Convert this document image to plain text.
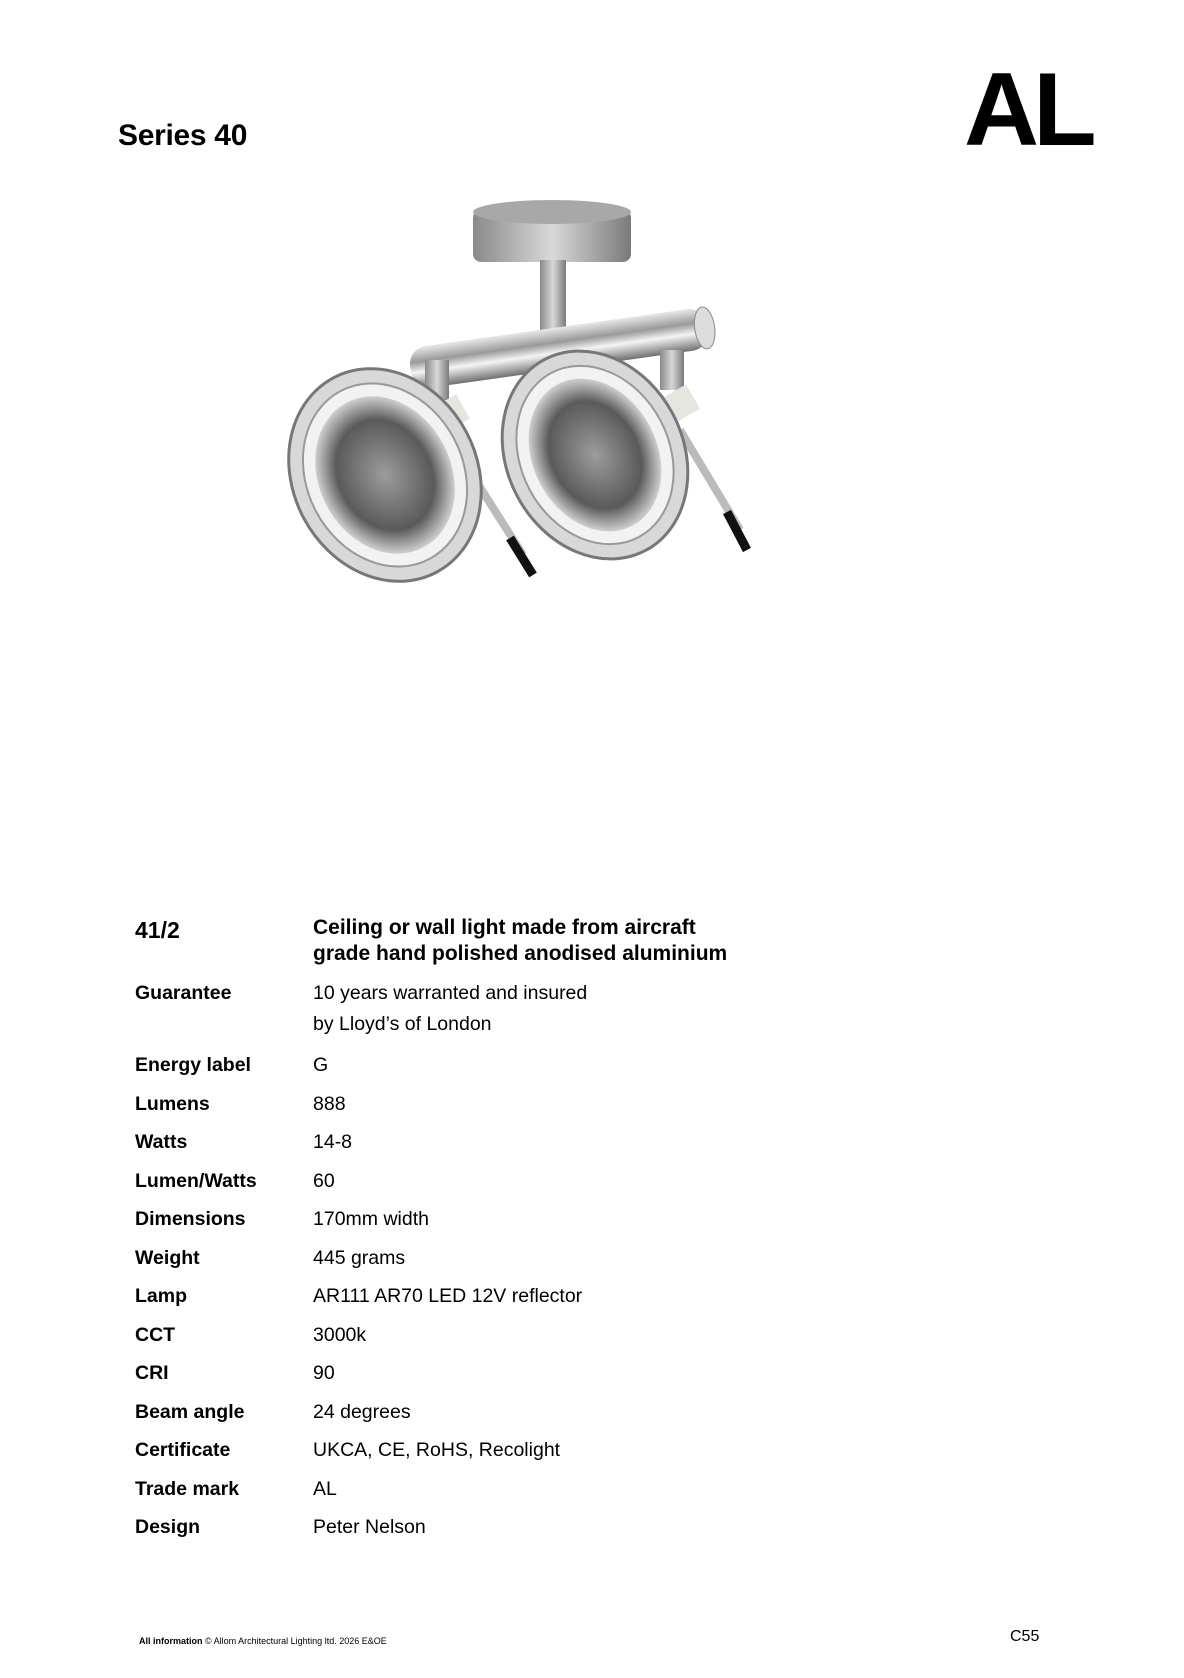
Series 40	AL
41/2	Ceiling or wall light made from aircraft
grade hand polished anodised aluminium
Guarantee	10 years warranted and insured
by Lloyd’s of London
Energy label	G
Lumens	888
Watts	14-8
Lumen/Watts	60
Dimensions	170mm width
Weight	445 grams
Lamp	AR111 AR70 LED 12V reflector
CCT	3000k
CRI	90
Beam angle	24 degrees
Certificate	UKCA, CE, RoHS, Recolight
Trade mark	AL
Design	Peter Nelson
All information © Allom Architectural Lighting ltd. 2026 E&OE	C55
